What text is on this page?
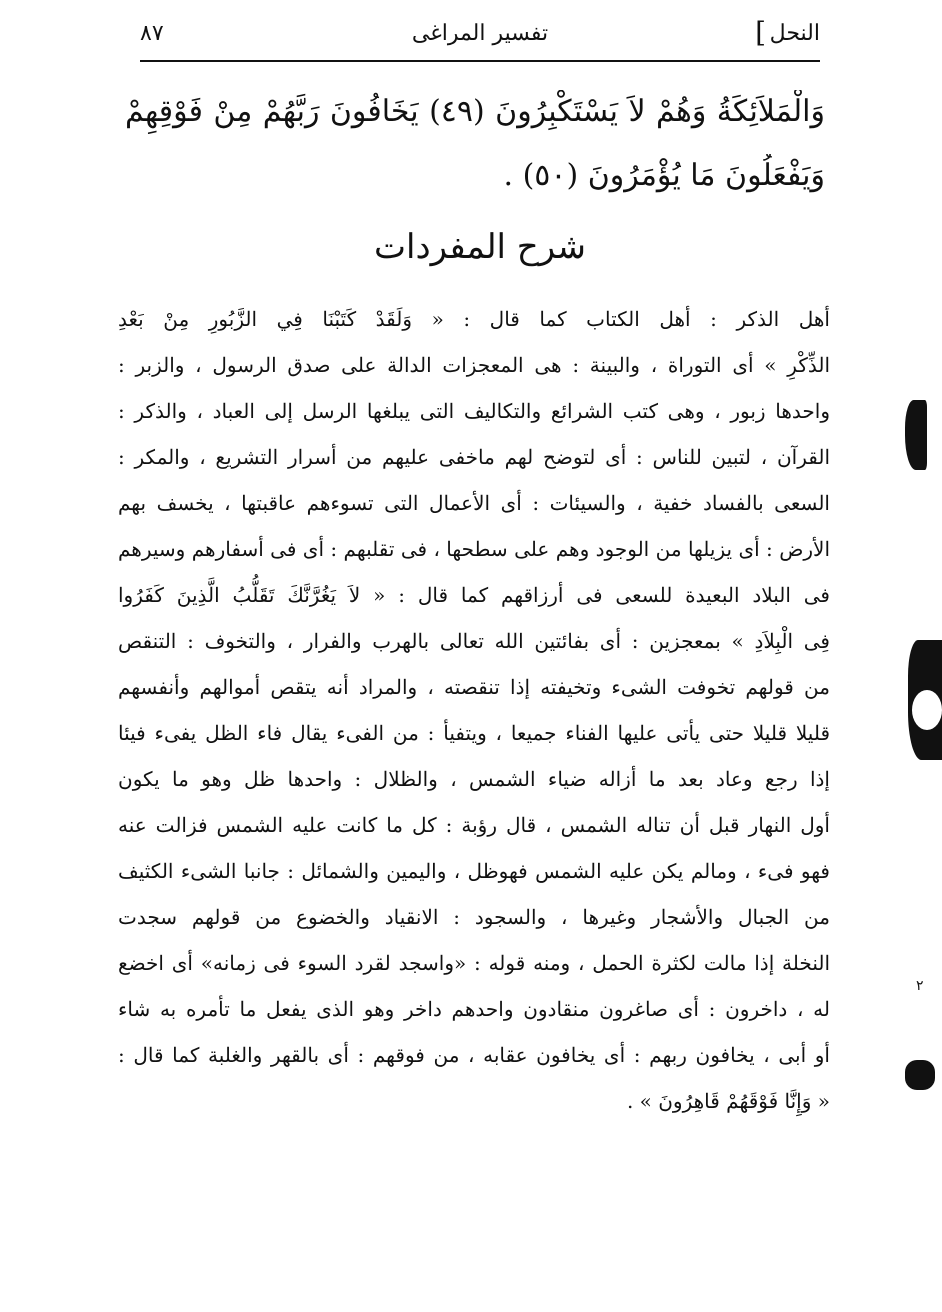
النحل
]
تفسير المراغى
٨٧
وَالْمَلاَئِكَةُ وَهُمْ لاَ يَسْتَكْبِرُونَ (٤٩) يَخَافُونَ رَبَّهُمْ مِنْ فَوْقِهِمْ
وَيَفْعَلُونَ مَا يُؤْمَرُونَ (٥٠) .
شرح المفردات
أهل الذكر : أهل الكتاب كما قال : « وَلَقَدْ كَتَبْنَا فِي الزَّبُورِ مِنْ بَعْدِ
الذِّكْرِ » أى التوراة ، والبينة : هى المعجزات الدالة على صدق الرسول ، والزبر :
واحدها زبور ، وهى كتب الشرائع والتكاليف التى يبلغها الرسل إلى العباد ، والذكر :
القرآن ، لتبين للناس : أى لتوضح لهم ماخفى عليهم من أسرار التشريع ، والمكر :
السعى بالفساد خفية ، والسيئات : أى الأعمال التى تسوءهم عاقبتها ، يخسف بهم
الأرض : أى يزيلها من الوجود وهم على سطحها ، فى تقلبهم : أى فى أسفارهم وسيرهم
فى البلاد البعيدة للسعى فى أرزاقهم كما قال : « لاَ يَغُرَّنَّكَ تَقَلُّبُ الَّذِينَ كَفَرُوا
فِى الْبِلاَدِ » بمعجزين : أى بفائتين الله تعالى بالهرب والفرار ، والتخوف : التنقص
من قولهم تخوفت الشىء وتخيفته إذا تنقصته ، والمراد أنه يتقص أموالهم وأنفسهم
قليلا قليلا حتى يأتى عليها الفناء جميعا ، ويتفيأ : من الفىء يقال فاء الظل يفىء فيئا
إذا رجع وعاد بعد ما أزاله ضياء الشمس ، والظلال : واحدها ظل وهو ما يكون
أول النهار قبل أن تناله الشمس ، قال رؤبة : كل ما كانت عليه الشمس فزالت عنه
فهو فىء ، ومالم يكن عليه الشمس فهوظل ، واليمين والشمائل : جانبا الشىء الكثيف
من الجبال والأشجار وغيرها ، والسجود : الانقياد والخضوع من قولهم سجدت
النخلة إذا مالت لكثرة الحمل ، ومنه قوله : «واسجد لقرد السوء فى زمانه» أى اخضع
له ، داخرون : أى صاغرون منقادون واحدهم داخر وهو الذى يفعل ما تأمره به شاء
أو أبى ، يخافون ربهم : أى يخافون عقابه ، من فوقهم : أى بالقهر والغلبة كما قال :
« وَإِنَّا فَوْقَهُمْ قَاهِرُونَ » .
٢
